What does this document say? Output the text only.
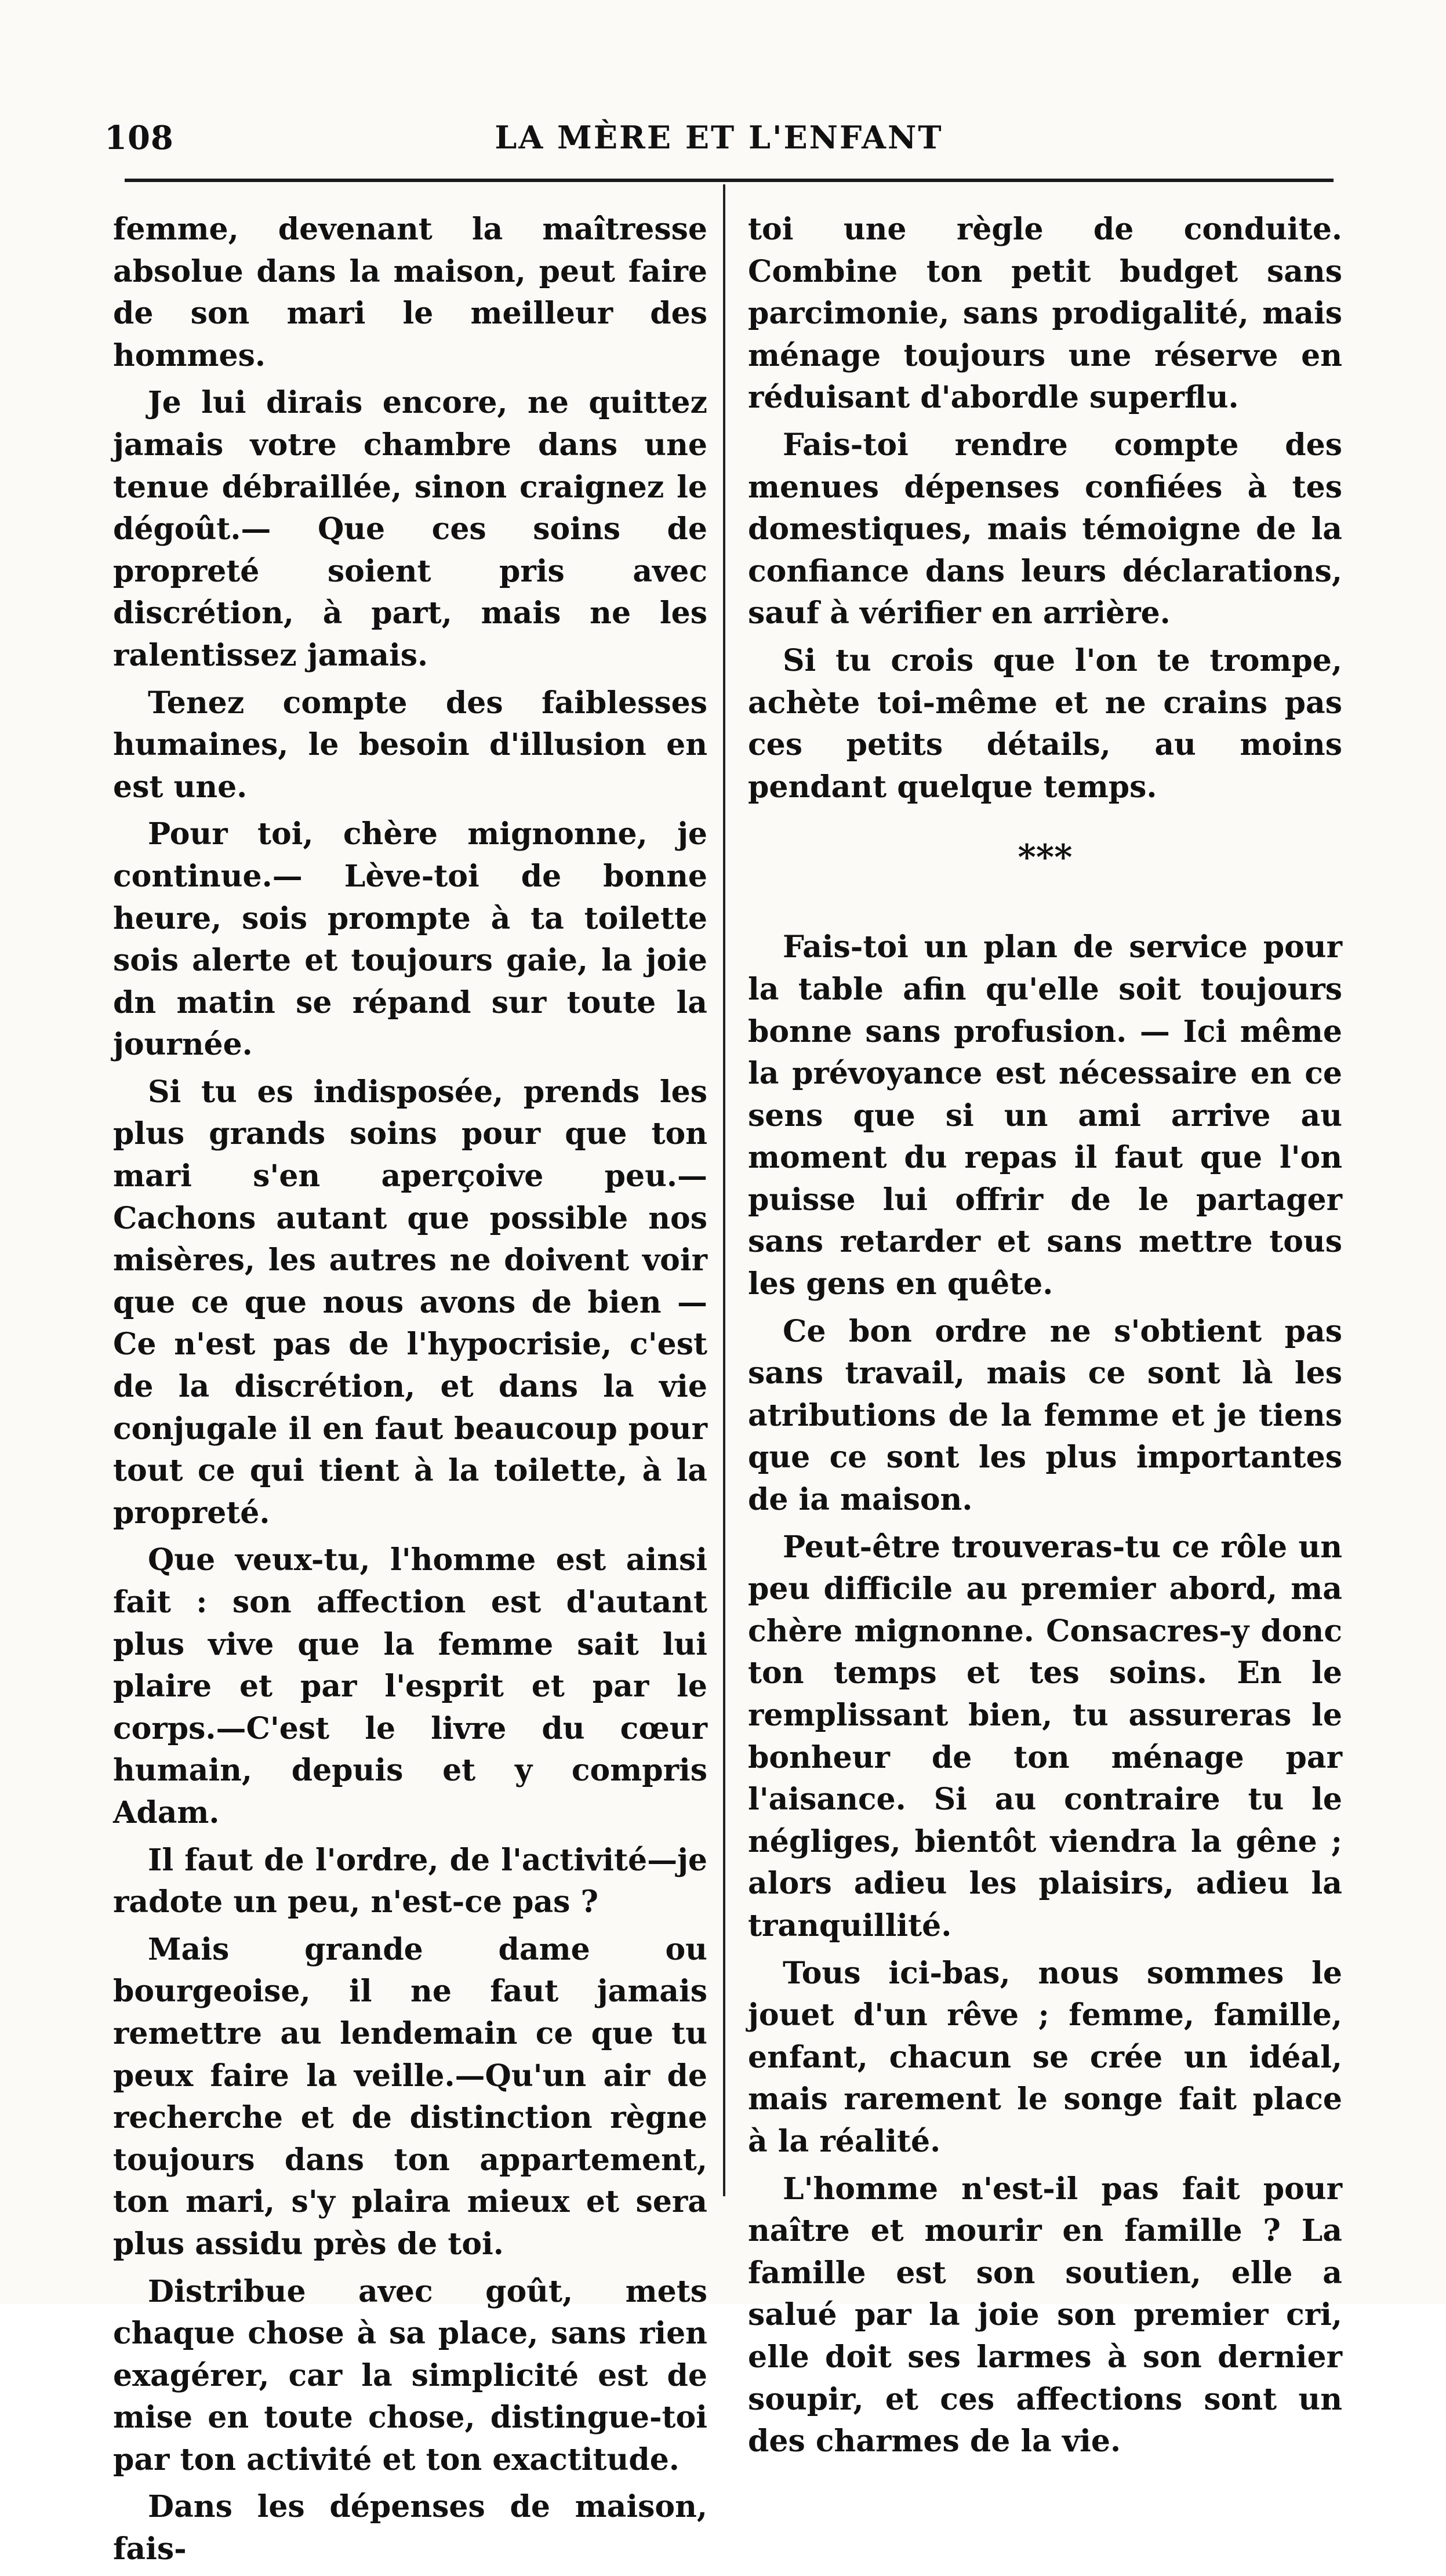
108	LA MÈRE ET L'ENFANT

femme, devenant la maîtresse absolue dans la maison, peut faire de son mari le meilleur des hommes.

Je lui dirais encore, ne quittez jamais votre chambre dans une tenue débraillée, sinon craignez le dégoût.— Que ces soins de propreté soient pris avec discrétion, à part, mais ne les ralentissez jamais.

Tenez compte des faiblesses humaines, le besoin d'illusion en est une.

Pour toi, chère mignonne, je continue.— Lève-toi de bonne heure, sois prompte à ta toilette sois alerte et toujours gaie, la joie dn matin se répand sur toute la journée.

Si tu es indisposée, prends les plus grands soins pour que ton mari s'en aperçoive peu.— Cachons autant que possible nos misères, les autres ne doivent voir que ce que nous avons de bien —Ce n'est pas de l'hypocrisie, c'est de la discrétion, et dans la vie conjugale il en faut beaucoup pour tout ce qui tient à la toilette, à la propreté.

Que veux-tu, l'homme est ainsi fait : son affection est d'autant plus vive que la femme sait lui plaire et par l'esprit et par le corps.—C'est le livre du cœur humain, depuis et y compris Adam.

Il faut de l'ordre, de l'activité—je radote un peu, n'est-ce pas ?

Mais grande dame ou bourgeoise, il ne faut jamais remettre au lendemain ce que tu peux faire la veille.—Qu'un air de recherche et de distinction règne toujours dans ton appartement, ton mari, s'y plaira mieux et sera plus assidu près de toi.

Distribue avec goût, mets chaque chose à sa place, sans rien exagérer, car la simplicité est de mise en toute chose, distingue-toi par ton activité et ton exactitude.

Dans les dépenses de maison, fais-

toi une règle de conduite. Combine ton petit budget sans parcimonie, sans prodigalité, mais ménage toujours une réserve en réduisant d'abordle superflu.

Fais-toi rendre compte des menues dépenses confiées à tes domestiques, mais témoigne de la confiance dans leurs déclarations, sauf à vérifier en arrière.

Si tu crois que l'on te trompe, achète toi-même et ne crains pas ces petits détails, au moins pendant quelque temps.

***

Fais-toi un plan de service pour la table afin qu'elle soit toujours bonne sans profusion. — Ici même la prévoyance est nécessaire en ce sens que si un ami arrive au moment du repas il faut que l'on puisse lui offrir de le partager sans retarder et sans mettre tous les gens en quête.

Ce bon ordre ne s'obtient pas sans travail, mais ce sont là les atributions de la femme et je tiens que ce sont les plus importantes de ia maison.

Peut-être trouveras-tu ce rôle un peu difficile au premier abord, ma chère mignonne. Consacres-y donc ton temps et tes soins. En le remplissant bien, tu assureras le bonheur de ton ménage par l'aisance. Si au contraire tu le négliges, bientôt viendra la gêne ; alors adieu les plaisirs, adieu la tranquillité.

Tous ici-bas, nous sommes le jouet d'un rêve ; femme, famille, enfant, chacun se crée un idéal, mais rarement le songe fait place à la réalité.

L'homme n'est-il pas fait pour naître et mourir en famille ? La famille est son soutien, elle a salué par la joie son premier cri, elle doit ses larmes à son dernier soupir, et ces affections sont un des charmes de la vie.
